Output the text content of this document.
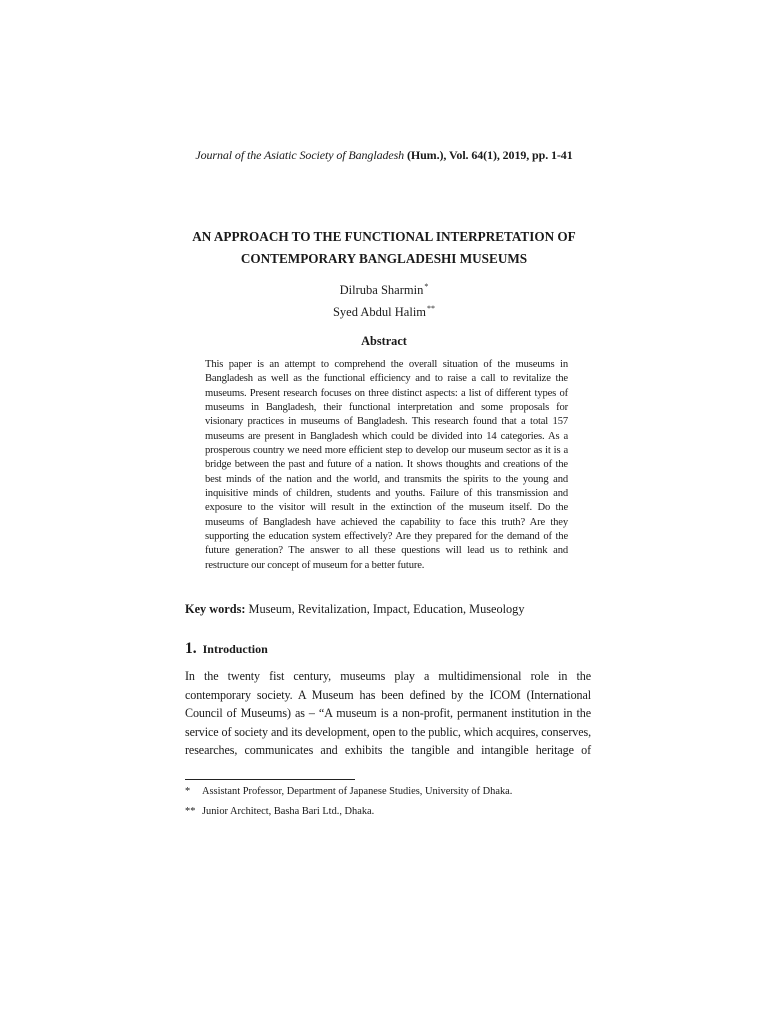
Journal of the Asiatic Society of Bangladesh (Hum.), Vol. 64(1), 2019, pp. 1-41
AN APPROACH TO THE FUNCTIONAL INTERPRETATION OF CONTEMPORARY BANGLADESHI MUSEUMS
Dilruba Sharmin*
Syed Abdul Halim**
Abstract
This paper is an attempt to comprehend the overall situation of the museums in Bangladesh as well as the functional efficiency and to raise a call to revitalize the museums. Present research focuses on three distinct aspects: a list of different types of museums in Bangladesh, their functional interpretation and some proposals for visionary practices in museums of Bangladesh. This research found that a total 157 museums are present in Bangladesh which could be divided into 14 categories. As a prosperous country we need more efficient step to develop our museum sector as it is a bridge between the past and future of a nation. It shows thoughts and creations of the best minds of the nation and the world, and transmits the spirits to the young and inquisitive minds of children, students and youths. Failure of this transmission and exposure to the visitor will result in the extinction of the museum itself. Do the museums of Bangladesh have achieved the capability to face this truth? Are they supporting the education system effectively? Are they prepared for the demand of the future generation? The answer to all these questions will lead us to rethink and restructure our concept of museum for a better future.
Key words: Museum, Revitalization, Impact, Education, Museology
1. Introduction
In the twenty fist century, museums play a multidimensional role in the contemporary society. A Museum has been defined by the ICOM (International Council of Museums) as – “A museum is a non-profit, permanent institution in the service of society and its development, open to the public, which acquires, conserves, researches, communicates and exhibits the tangible and intangible heritage of
* Assistant Professor, Department of Japanese Studies, University of Dhaka.
** Junior Architect, Basha Bari Ltd., Dhaka.
